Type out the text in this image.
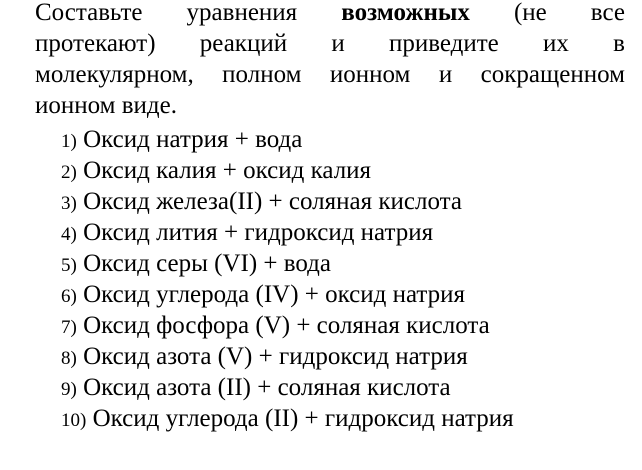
Составьте уравнения возможных (не все
протекают) реакций и приведите их в
молекулярном, полном ионном и сокращенном
ионном виде.
1) Оксид натрия + вода
2) Оксид калия + оксид калия
3) Оксид железа(II) + соляная кислота
4) Оксид лития + гидроксид натрия
5) Оксид серы (VI) + вода
6) Оксид углерода (IV) + оксид натрия
7) Оксид фосфора (V) + соляная кислота
8) Оксид азота (V) + гидроксид натрия
9) Оксид азота (II) + соляная кислота
10) Оксид углерода (II) + гидроксид натрия
